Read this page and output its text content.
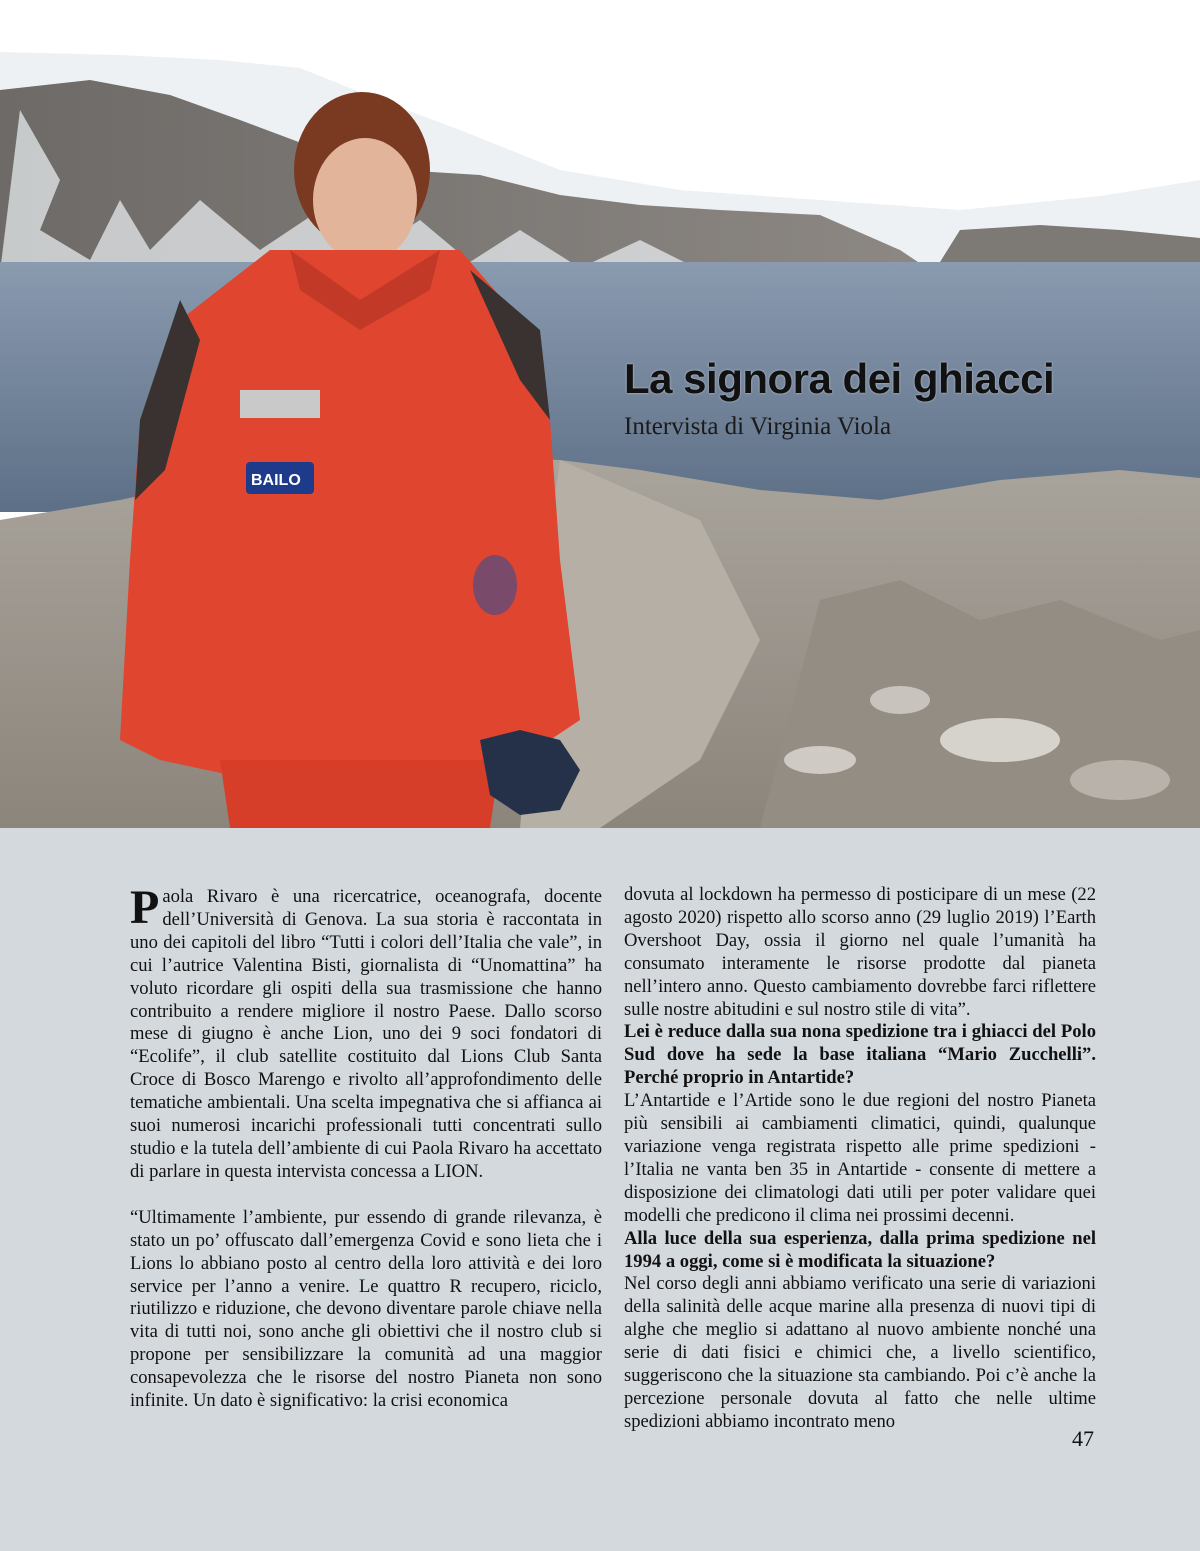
BAILO
La signora dei ghiacci

Intervista di Virginia Viola

Paola Rivaro è una ricercatrice, oceanografa, docente dell’Università di Genova. La sua storia è raccontata in uno dei capitoli del libro “Tutti i colori dell’Italia che vale”, in cui l’autrice Valentina Bisti, giornalista di “Unomattina” ha voluto ricordare gli ospiti della sua trasmissione che hanno contribuito a rendere migliore il nostro Paese. Dallo scorso mese di giugno è anche Lion, uno dei 9 soci fondatori di “Ecolife”, il club satellite costituito dal Lions Club Santa Croce di Bosco Marengo e rivolto all’approfondimento delle tematiche ambientali. Una scelta impegnativa che si affianca ai suoi numerosi incarichi professionali tutti concentrati sullo studio e la tutela dell’ambiente di cui Paola Rivaro ha accettato di parlare in questa intervista concessa a LION.

“Ultimamente l’ambiente, pur essendo di grande rilevanza, è stato un po’ offuscato dall’emergenza Covid e sono lieta che i Lions lo abbiano posto al centro della loro attività e dei loro service per l’anno a venire. Le quattro R recupero, riciclo, riutilizzo e riduzione, che devono diventare parole chiave nella vita di tutti noi, sono anche gli obiettivi che il nostro club si propone per sensibilizzare la comunità ad una maggior consapevolezza che le risorse del nostro Pianeta non sono infinite. Un dato è significativo: la crisi economica

dovuta al lockdown ha permesso di posticipare di un mese (22 agosto 2020) rispetto allo scorso anno (29 luglio 2019) l’Earth Overshoot Day, ossia il giorno nel quale l’umanità ha consumato interamente le risorse prodotte dal pianeta nell’intero anno. Questo cambiamento dovrebbe farci riflettere sulle nostre abitudini e sul nostro stile di vita”.

Lei è reduce dalla sua nona spedizione tra i ghiacci del Polo Sud dove ha sede la base italiana “Mario Zucchelli”. Perché proprio in Antartide?

L’Antartide e l’Artide sono le due regioni del nostro Pianeta più sensibili ai cambiamenti climatici, quindi, qualunque variazione venga registrata rispetto alle prime spedizioni - l’Italia ne vanta ben 35 in Antartide - consente di mettere a disposizione dei climatologi dati utili per poter validare quei modelli che predicono il clima nei prossimi decenni.

Alla luce della sua esperienza, dalla prima spedizione nel 1994 a oggi, come si è modificata la situazione?

Nel corso degli anni abbiamo verificato una serie di variazioni della salinità delle acque marine alla presenza di nuovi tipi di alghe che meglio si adattano al nuovo ambiente nonché una serie di dati fisici e chimici che, a livello scientifico, suggeriscono che la situazione sta cambiando. Poi c’è anche la percezione personale dovuta al fatto che nelle ultime spedizioni abbiamo incontrato meno

47
